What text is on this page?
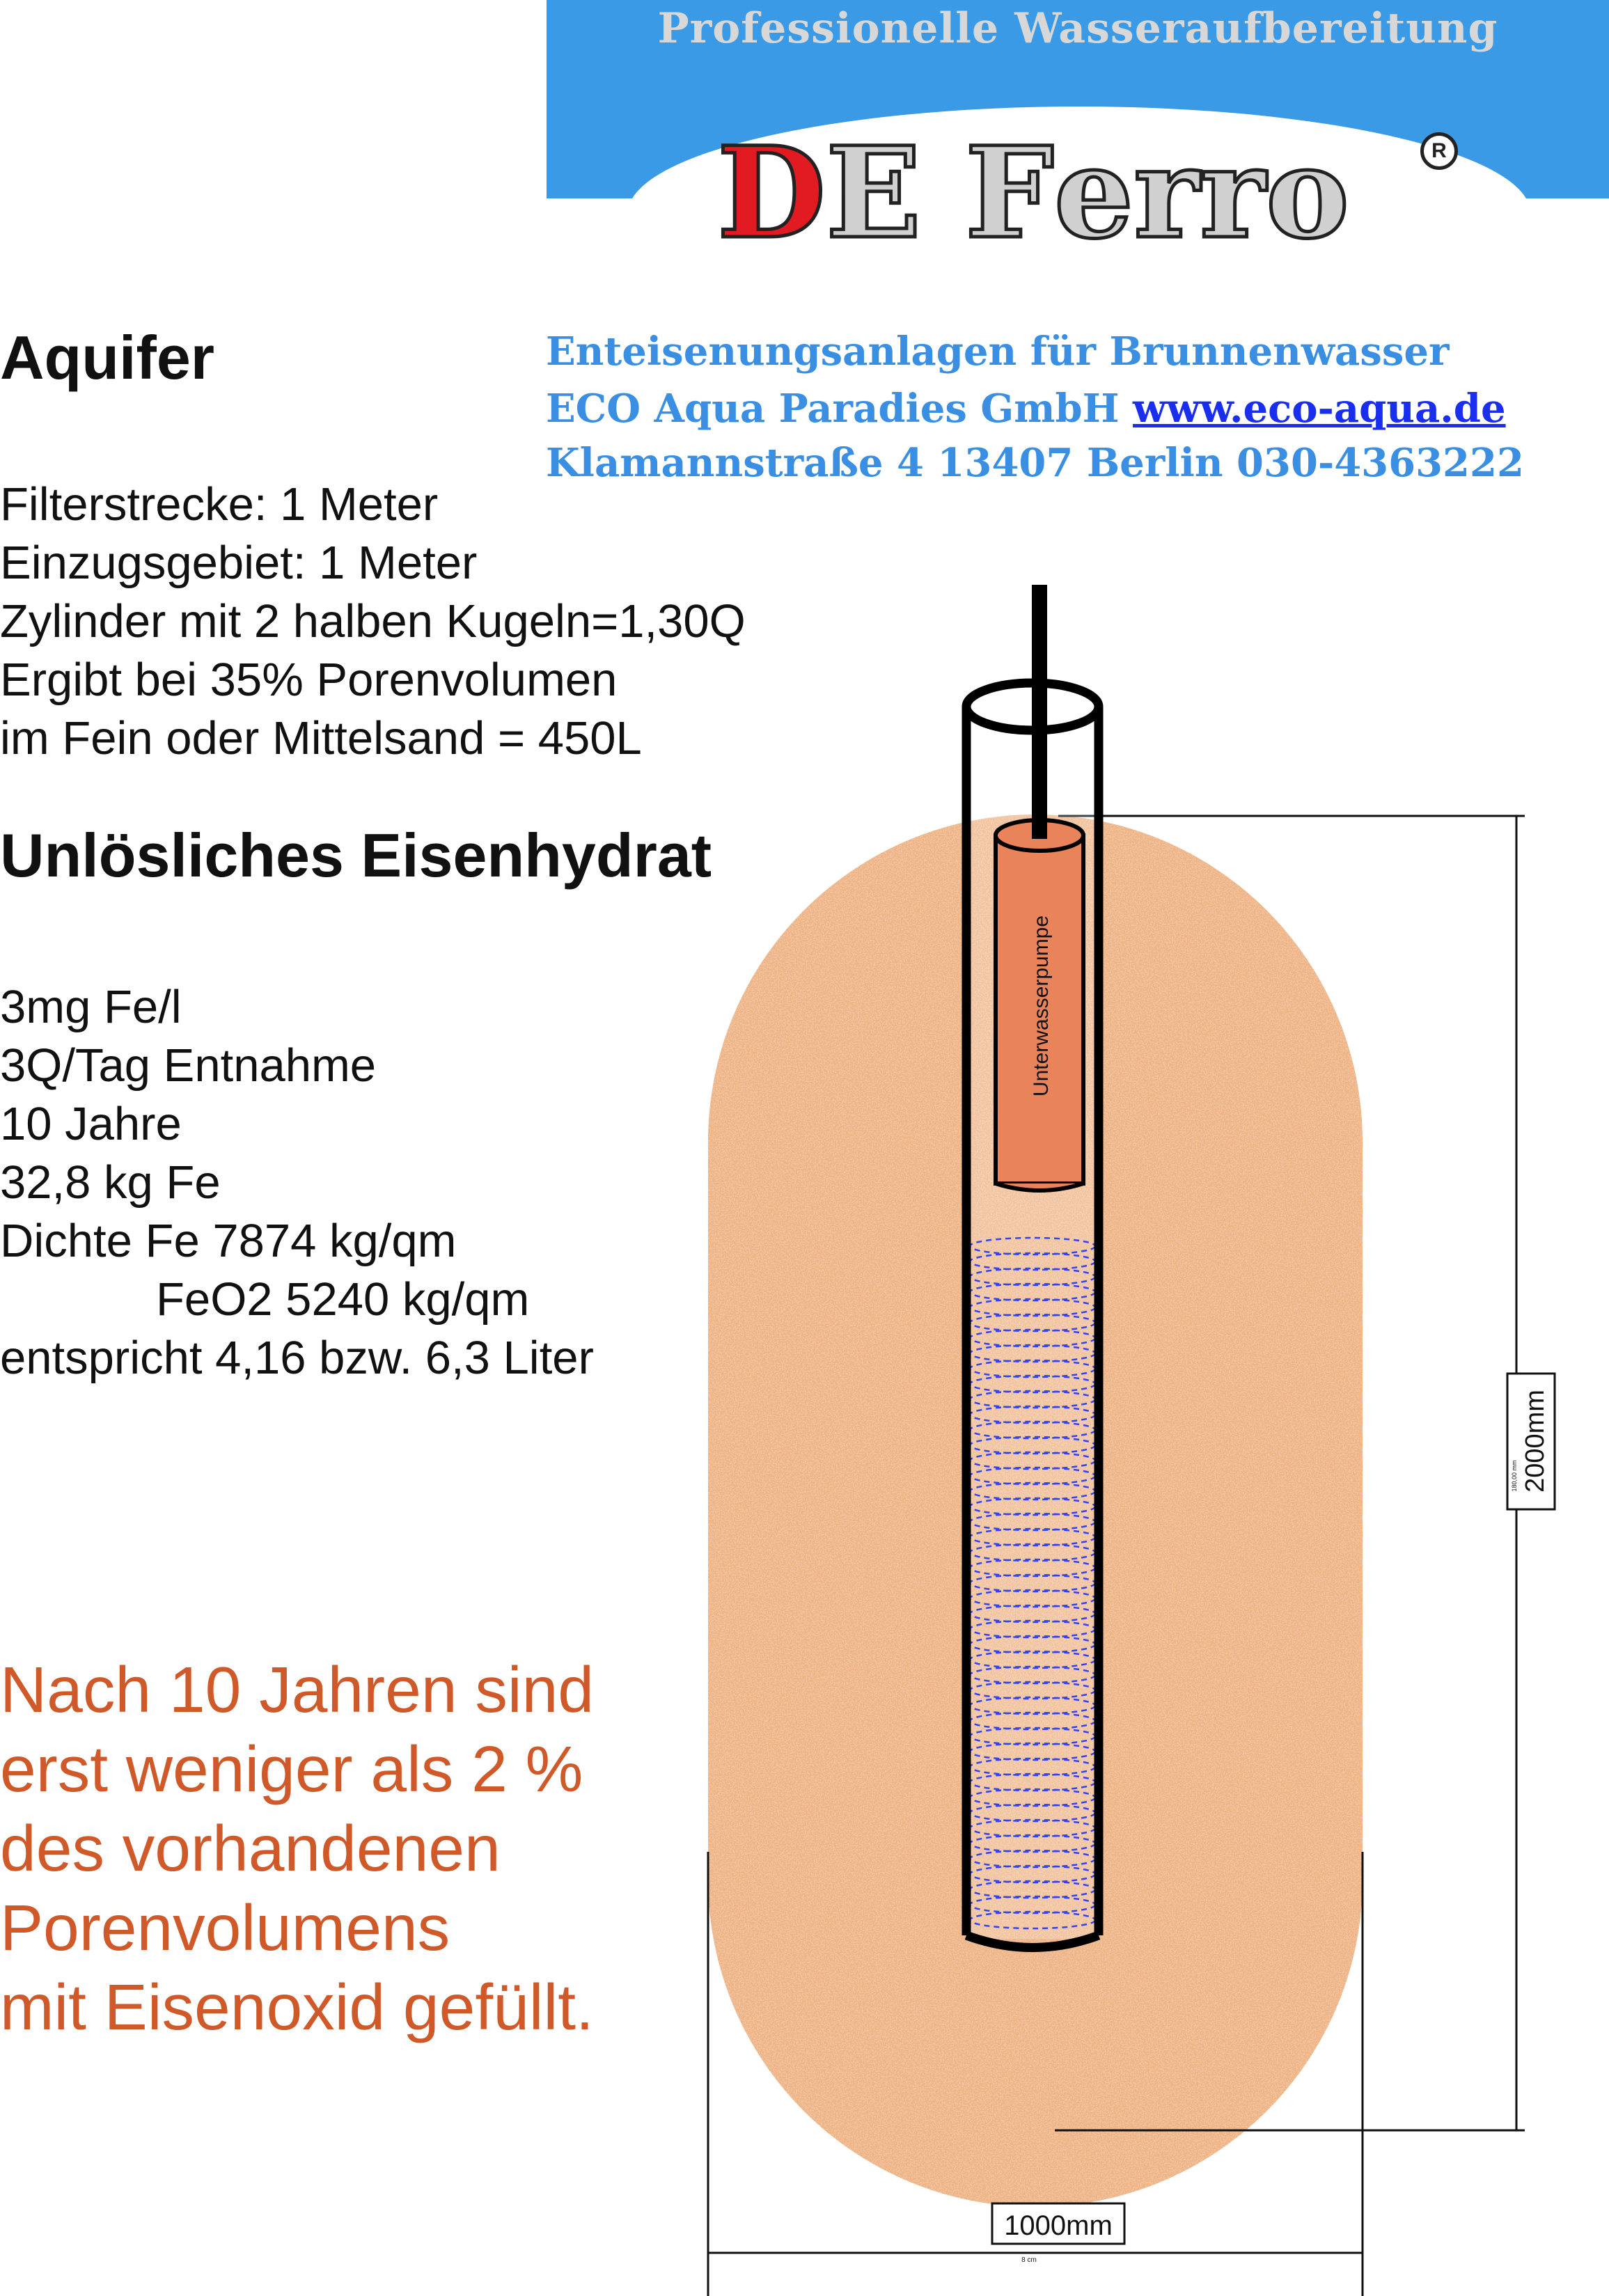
Professionelle Wasseraufbereitung
DE Ferro	R
Enteisenungsanlagen für Brunnenwasser
ECO Aqua Paradies GmbH www.eco-aqua.de
Klamannstraße 4 13407 Berlin 030-4363222
Aquifer
Filterstrecke: 1 Meter
Einzugsgebiet: 1 Meter
Zylinder mit 2 halben Kugeln=1,30Q
Ergibt bei 35% Porenvolumen
im Fein oder Mittelsand = 450L
Unlösliches Eisenhydrat
3mg Fe/l
3Q/Tag Entnahme
10 Jahre
32,8 kg Fe
Dichte Fe 7874 kg/qm
FeO2 5240 kg/qm
entspricht 4,16 bzw. 6,3 Liter
Nach 10 Jahren sind
erst weniger als 2 %
des vorhandenen
Porenvolumens
mit Eisenoxid gefüllt.
2000mm
180,00 mm
1000mm
8 cm
Unterwasserpumpe
